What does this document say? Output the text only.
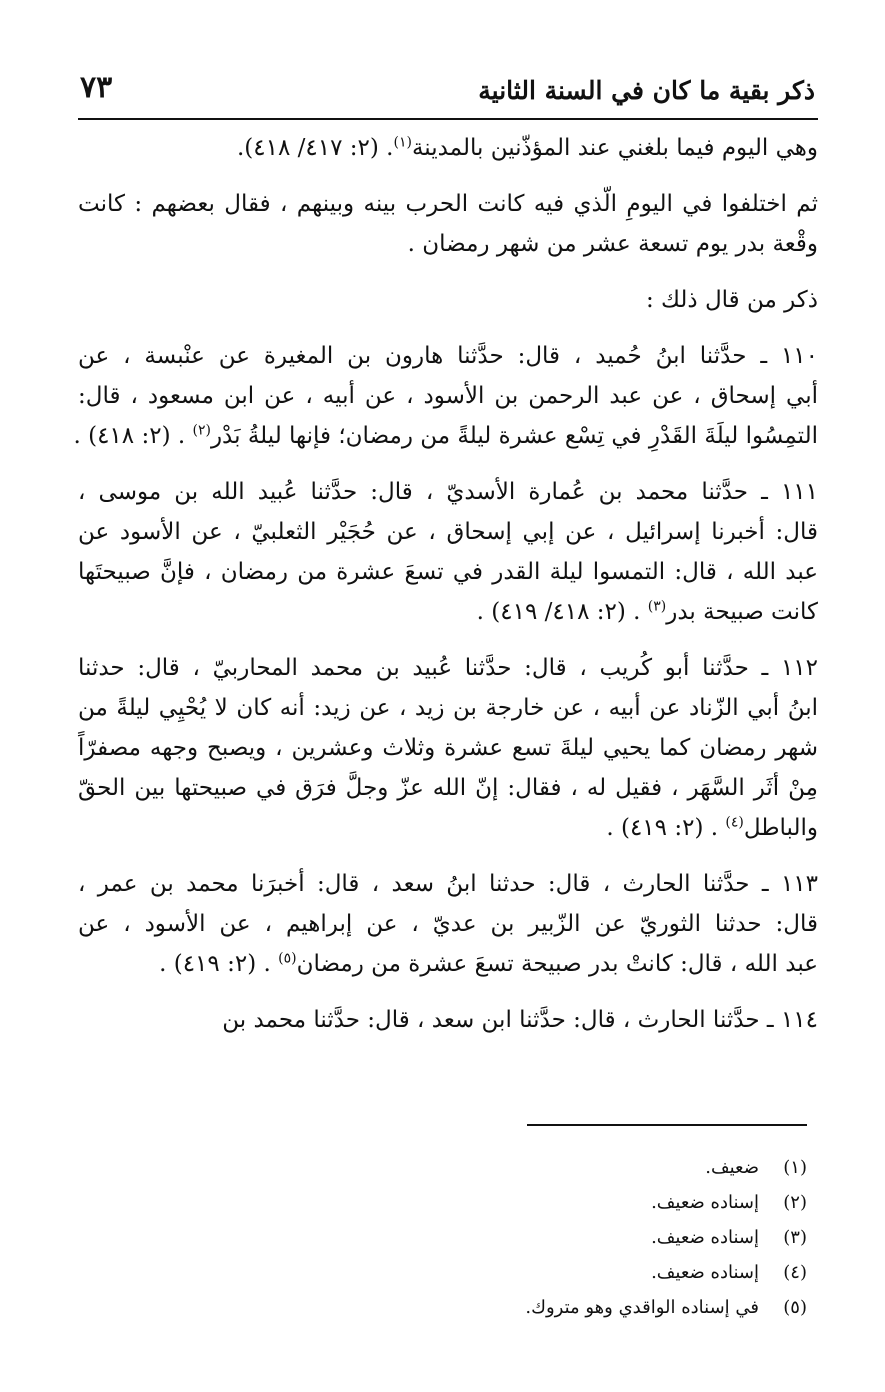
ذكر بقية ما كان في السنة الثانية
٧٣
وهي اليوم فيما بلغني عند المؤذّنين بالمدينة$^{(١)}$. (٢: ٤١٧/ ٤١٨).
ثم اختلفوا في اليومِ الّذي فيه كانت الحرب بينه وبينهم ، فقال بعضهم : كانت
وقْعة بدر يوم تسعة عشر من شهر رمضان .
ذكر من قال ذلك :
١١٠ ـ حدَّثنا ابنُ حُميد ، قال: حدَّثنا هارون بن المغيرة عن عنْبسة ، عن
أبي إسحاق ، عن عبد الرحمن بن الأسود ، عن أبيه ، عن ابن مسعود ، قال:
التمِسُوا ليلَةَ القَدْرِ في تِسْع عشرة ليلةً من رمضان؛ فإنها ليلةُ بَدْر$^{(٢)}$ . (٢: ٤١٨) .
١١١ ـ حدَّثنا محمد بن عُمارة الأسديّ ، قال: حدَّثنا عُبيد الله بن موسى ،
قال: أخبرنا إسرائيل ، عن إبي إسحاق ، عن حُجَيْر الثعلبيّ ، عن الأسود عن
عبد الله ، قال: التمسوا ليلة القدر في تسعَ عشرة من رمضان ، فإنَّ صبيحتَها
كانت صبيحة بدر$^{(٣)}$ . (٢: ٤١٨/ ٤١٩) .
١١٢ ـ حدَّثنا أبو كُريب ، قال: حدَّثنا عُبيد بن محمد المحاربيّ ، قال: حدثنا
ابنُ أبي الزّناد عن أبيه ، عن خارجة بن زيد ، عن زيد: أنه كان لا يُحْيِي ليلةً من
شهر رمضان كما يحيي ليلةَ تسع عشرة وثلاث وعشرين ، ويصبح وجهه مصفرّاً
مِنْ أثَر السَّهَر ، فقيل له ، فقال: إنّ الله عزّ وجلَّ فرَق في صبيحتها بين الحقّ
والباطل$^{(٤)}$ . (٢: ٤١٩) .
١١٣ ـ حدَّثنا الحارث ، قال: حدثنا ابنُ سعد ، قال: أخبرَنا محمد بن عمر ،
قال: حدثنا الثوريّ عن الزّبير بن عديّ ، عن إبراهيم ، عن الأسود ، عن
عبد الله ، قال: كانتْ بدر صبيحة تسعَ عشرة من رمضان$^{(٥)}$ . (٢: ٤١٩) .
١١٤ ـ حدَّثنا الحارث ، قال: حدَّثنا ابن سعد ، قال: حدَّثنا محمد بن
(١)ضعيف.
(٢)إسناده ضعيف.
(٣)إسناده ضعيف.
(٤)إسناده ضعيف.
(٥)في إسناده الواقدي وهو متروك.
